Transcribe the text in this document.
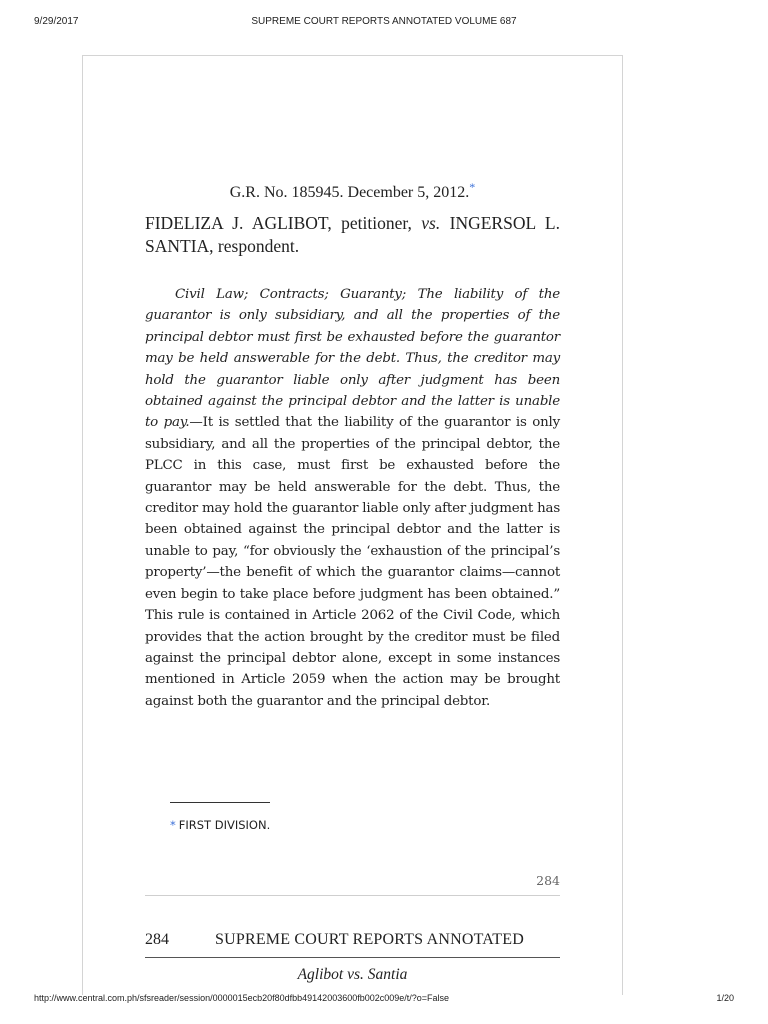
9/29/2017	SUPREME COURT REPORTS ANNOTATED VOLUME 687
G.R. No. 185945. December 5, 2012.*
FIDELIZA J. AGLIBOT, petitioner, vs. INGERSOL L. SANTIA, respondent.
Civil Law; Contracts; Guaranty; The liability of the guarantor is only subsidiary, and all the properties of the principal debtor must first be exhausted before the guarantor may be held answerable for the debt. Thus, the creditor may hold the guarantor liable only after judgment has been obtained against the principal debtor and the latter is unable to pay.—It is settled that the liability of the guarantor is only subsidiary, and all the properties of the principal debtor, the PLCC in this case, must first be exhausted before the guarantor may be held answerable for the debt. Thus, the creditor may hold the guarantor liable only after judgment has been obtained against the principal debtor and the latter is unable to pay, “for obviously the ‘exhaustion of the principal’s property’—the benefit of which the guarantor claims—cannot even begin to take place before judgment has been obtained.” This rule is contained in Article 2062 of the Civil Code, which provides that the action brought by the creditor must be filed against the principal debtor alone, except in some instances mentioned in Article 2059 when the action may be brought against both the guarantor and the principal debtor.
* FIRST DIVISION.
284
284	SUPREME COURT REPORTS ANNOTATED
Aglibot vs. Santia
http://www.central.com.ph/sfsreader/session/0000015ecb20f80dfbb49142003600fb002c009e/t/?o=False	1/20
